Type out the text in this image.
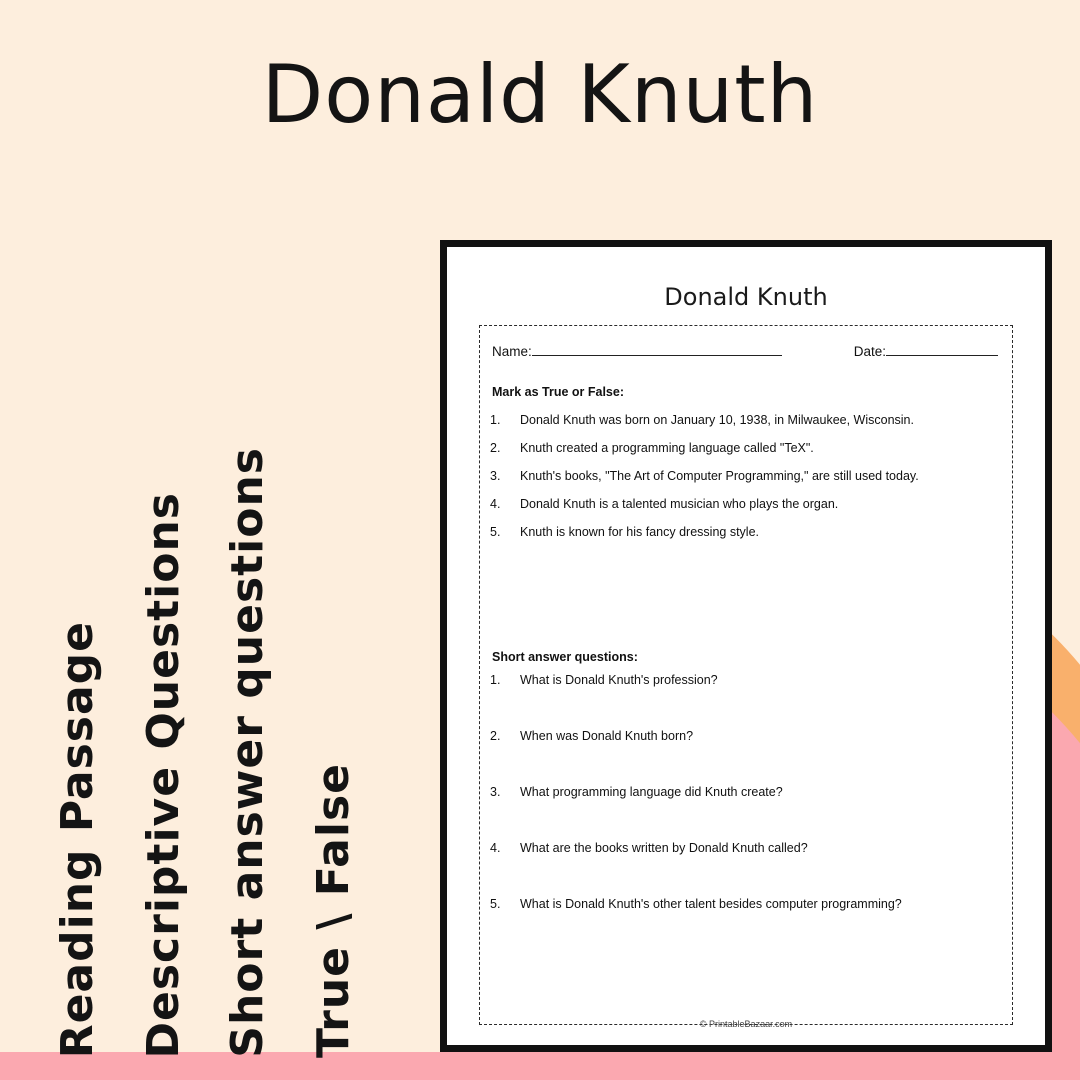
Donald Knuth
Reading Passage Descriptive Questions Short answer questions True \ False
Donald Knuth
Name:	Date:
Mark as True or False:
1.	Donald Knuth was born on January 10, 1938, in Milwaukee, Wisconsin.
2.	Knuth created a programming language called "TeX".
3.	Knuth's books, "The Art of Computer Programming," are still used today.
4.	Donald Knuth is a talented musician who plays the organ.
5.	Knuth is known for his fancy dressing style.
Short answer questions:
1.	What is Donald Knuth's profession?
2.	When was Donald Knuth born?
3.	What programming language did Knuth create?
4.	What are the books written by Donald Knuth called?
5.	What is Donald Knuth's other talent besides computer programming?
© PrintableBazaar.com
